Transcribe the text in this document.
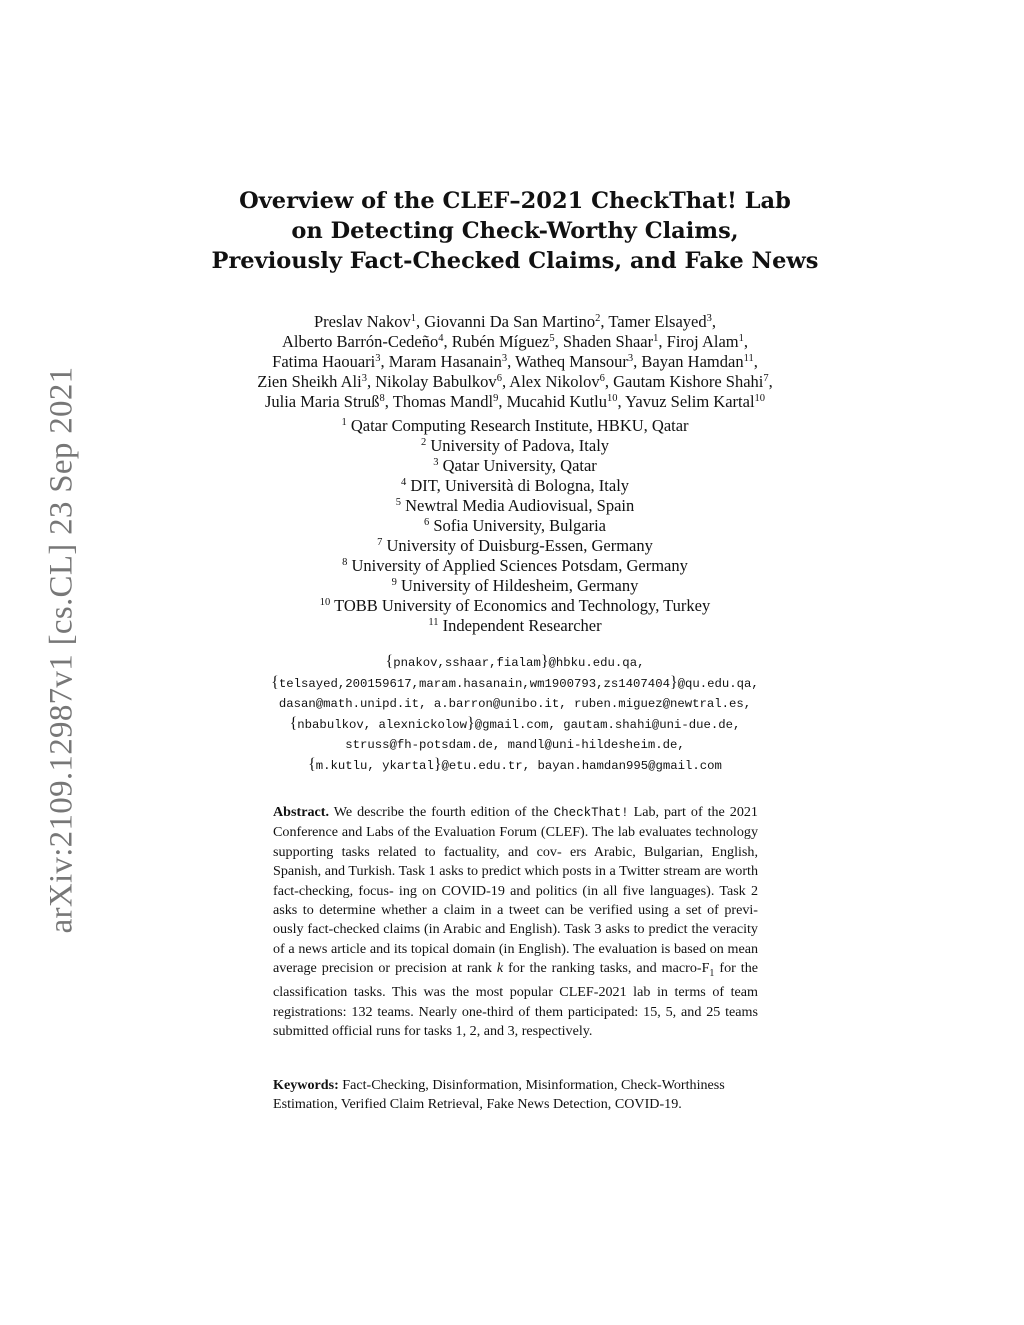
arXiv:2109.12987v1 [cs.CL] 23 Sep 2021
Overview of the CLEF–2021 CheckThat! Lab
on Detecting Check-Worthy Claims,
Previously Fact-Checked Claims, and Fake News
Preslav Nakov$^1$, Giovanni Da San Martino$^2$, Tamer Elsayed$^3$,
Alberto Barrón-Cedeño$^4$, Rubén Míguez$^5$, Shaden Shaar$^1$, Firoj Alam$^1$,
Fatima Haouari$^3$, Maram Hasanain$^3$, Watheq Mansour$^3$, Bayan Hamdan$^{11}$,
Zien Sheikh Ali$^3$, Nikolay Babulkov$^6$, Alex Nikolov$^6$, Gautam Kishore Shahi$^7$,
Julia Maria Struß$^8$, Thomas Mandl$^9$, Mucahid Kutlu$^{10}$, Yavuz Selim Kartal$^{10}$
$^1$ Qatar Computing Research Institute, HBKU, Qatar
$^2$ University of Padova, Italy
$^3$ Qatar University, Qatar
$^4$ DIT, Università di Bologna, Italy
$^5$ Newtral Media Audiovisual, Spain
$^6$ Sofia University, Bulgaria
$^7$ University of Duisburg-Essen, Germany
$^8$ University of Applied Sciences Potsdam, Germany
$^9$ University of Hildesheim, Germany
$^{10}$ TOBB University of Economics and Technology, Turkey
$^{11}$ Independent Researcher
{pnakov,sshaar,fialam}@hbku.edu.qa,
{telsayed,200159617,maram.hasanain,wm1900793,zs1407404}@qu.edu.qa,
dasan@math.unipd.it, a.barron@unibo.it, ruben.miguez@newtral.es,
{nbabulkov, alexnickolow}@gmail.com, gautam.shahi@uni-due.de,
struss@fh-potsdam.de, mandl@uni-hildesheim.de,
{m.kutlu, ykartal}@etu.edu.tr, bayan.hamdan995@gmail.com
Abstract. We describe the fourth edition of the CheckThat! Lab, part of the 2021 Conference and Labs of the Evaluation Forum (CLEF). The lab evaluates technology supporting tasks related to factuality, and cov- ers Arabic, Bulgarian, English, Spanish, and Turkish. Task 1 asks to predict which posts in a Twitter stream are worth fact-checking, focus- ing on COVID-19 and politics (in all five languages). Task 2 asks to determine whether a claim in a tweet can be verified using a set of previ- ously fact-checked claims (in Arabic and English). Task 3 asks to predict the veracity of a news article and its topical domain (in English). The evaluation is based on mean average precision or precision at rank k for the ranking tasks, and macro-$F_1$ for the classification tasks. This was the most popular CLEF-2021 lab in terms of team registrations: 132 teams. Nearly one-third of them participated: 15, 5, and 25 teams submitted official runs for tasks 1, 2, and 3, respectively.
Keywords: Fact-Checking, Disinformation, Misinformation, Check-Worthiness
Estimation, Verified Claim Retrieval, Fake News Detection, COVID-19.
